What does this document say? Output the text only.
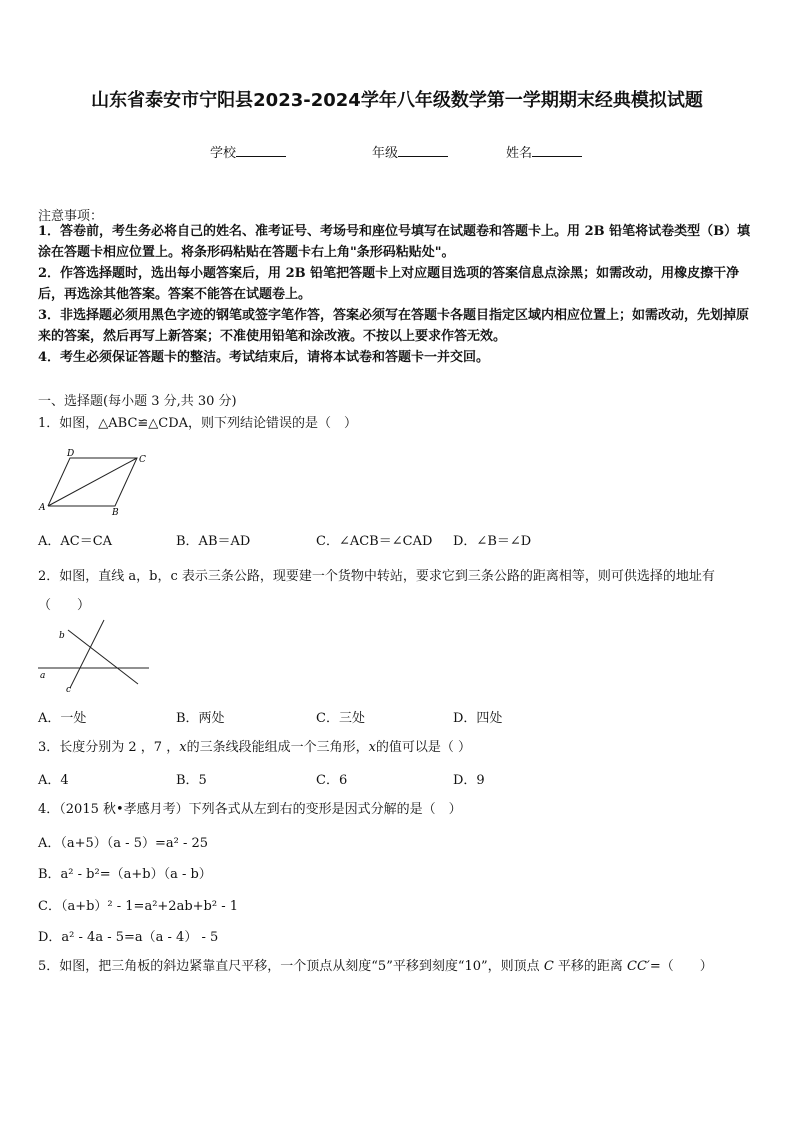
山东省泰安市宁阳县2023-2024学年八年级数学第一学期期末经典模拟试题
学校	年级	姓名
注意事项：
1．答卷前，考生务必将自己的姓名、准考证号、考场号和座位号填写在试题卷和答题卡上。用 2B 铅笔将试卷类型（B）填涂在答题卡相应位置上。将条形码粘贴在答题卡右上角"条形码粘贴处"。
2．作答选择题时，选出每小题答案后，用 2B 铅笔把答题卡上对应题目选项的答案信息点涂黑；如需改动，用橡皮擦干净后，再选涂其他答案。答案不能答在试题卷上。
3．非选择题必须用黑色字迹的钢笔或签字笔作答，答案必须写在答题卡各题目指定区域内相应位置上；如需改动，先划掉原来的答案，然后再写上新答案；不准使用铅笔和涂改液。不按以上要求作答无效。
4．考生必须保证答题卡的整洁。考试结束后，请将本试卷和答题卡一并交回。
一、选择题(每小题 3 分,共 30 分)
1．如图，△ABC≌△CDA，则下列结论错误的是（　）
D
C
A	B
A．AC＝CA	B．AB＝AD	C．∠ACB＝∠CAD D．∠B＝∠D
2．如图，直线 a，b，c 表示三条公路，现要建一个货物中转站，要求它到三条公路的距离相等，则可供选择的地址有（　　）
b
a
c
A．一处	B．两处	C．三处	D．四处
3．长度分别为 2 ，7 ，x的三条线段能组成一个三角形，x的值可以是（ ）
A．4	B．5	C．6	D．9
4．（2015 秋•孝感月考）下列各式从左到右的变形是因式分解的是（　）
A．（a+5）（a - 5）=a² - 25
B．a² - b²=（a+b）（a - b）
C．（a+b）² - 1=a²+2ab+b² - 1
D．a² - 4a - 5=a（a - 4） - 5
5．如图，把三角板的斜边紧靠直尺平移，一个顶点从刻度“5”平移到刻度“10”，则顶点 C 平移的距离 CC′=（　　）
